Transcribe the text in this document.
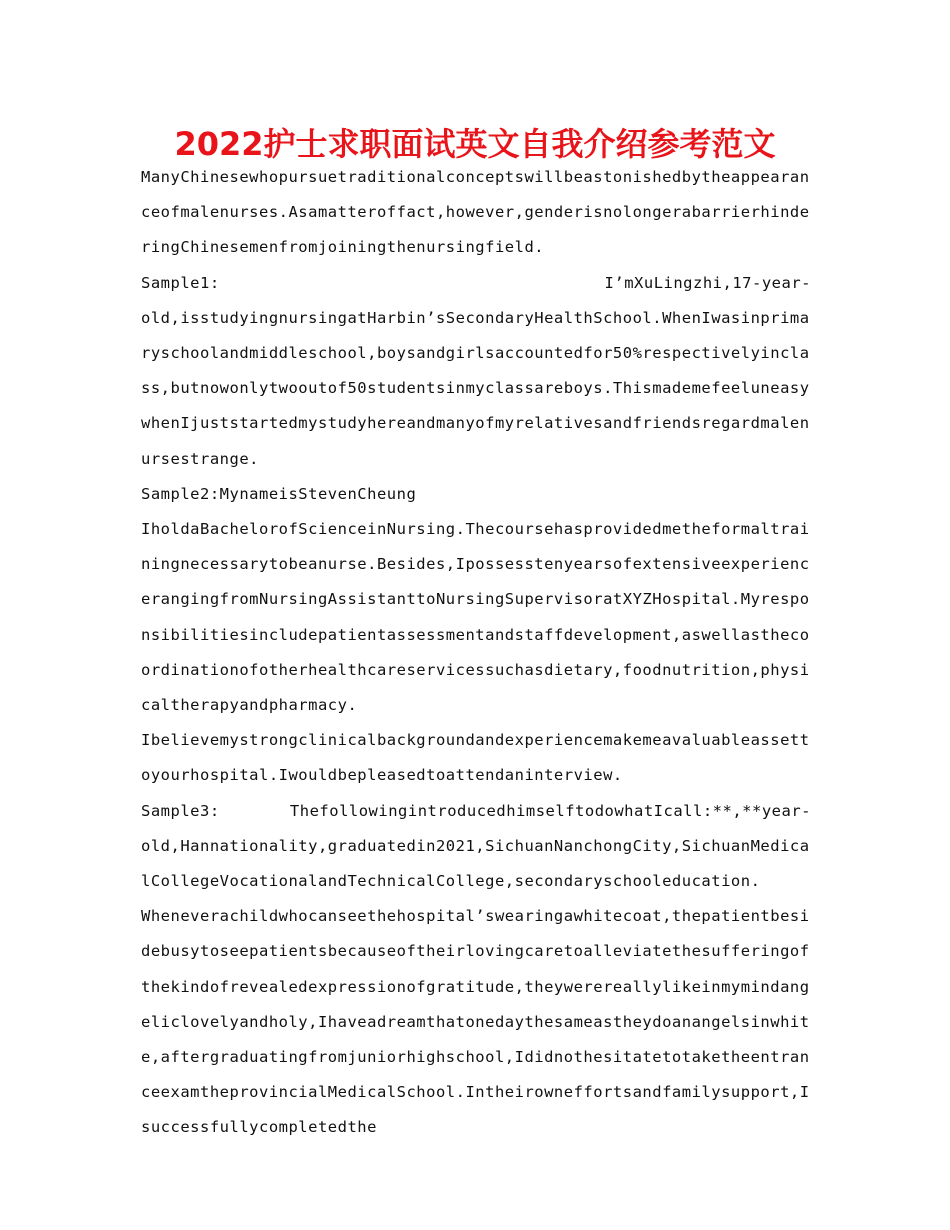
2022护士求职面试英文自我介绍参考范文

ManyChinesewhopursuetraditionalconceptswillbeastonishedbytheappearanceofmalenurses.Asamatteroffact,however,genderisnolongerabarrierhinderingChinesemenfromjoiningthenursingfield.

Sample1:	I’mXuLingzhi,17-year-

old,isstudyingnursingatHarbin’sSecondaryHealthSchool.WhenIwasinprimaryschoolandmiddleschool,boysandgirlsaccountedfor50%respectivelyinclass,butnowonlytwooutof50studentsinmyclassareboys.ThismademefeeluneasywhenIjuststartedmystudyhereandmanyofmyrelativesandfriendsregardmalenursestrange.

Sample2:MynameisStevenCheung

IholdaBachelorofScienceinNursing.Thecoursehasprovidedmetheformaltrainingnecessarytobeanurse.Besides,IpossesstenyearsofextensiveexperiencerangingfromNursingAssistanttoNursingSupervisoratXYZHospital.Myresponsibilitiesincludepatientassessmentandstaffdevelopment,aswellasthecoordinationofotherhealthcareservicessuchasdietary,foodnutrition,physicaltherapyandpharmacy.

Ibelievemystrongclinicalbackgroundandexperiencemakemeavaluableassettoyourhospital.Iwouldbepleasedtoattendaninterview.

Sample3:	ThefollowingintroducedhimselftodowhatIcall:**,**year-

old,Hannationality,graduatedin2021,SichuanNanchongCity,SichuanMedicalCollegeVocationalandTechnicalCollege,secondaryschooleducation.

Wheneverachildwhocanseethehospital’swearingawhitecoat,thepatientbesidebusytoseepatientsbecauseoftheirlovingcaretoalleviatethesufferingofthekindofrevealedexpressionofgratitude,theywerereallylikeinmymindangeliclovelyandholy,Ihaveadreamthatonedaythesameastheydoanangelsinwhite,aftergraduatingfromjuniorhighschool,IdidnothesitatetotaketheentranceexamtheprovincialMedicalSchool.Intheirowneffortsandfamilysupport,Isuccessfullycompletedthe
